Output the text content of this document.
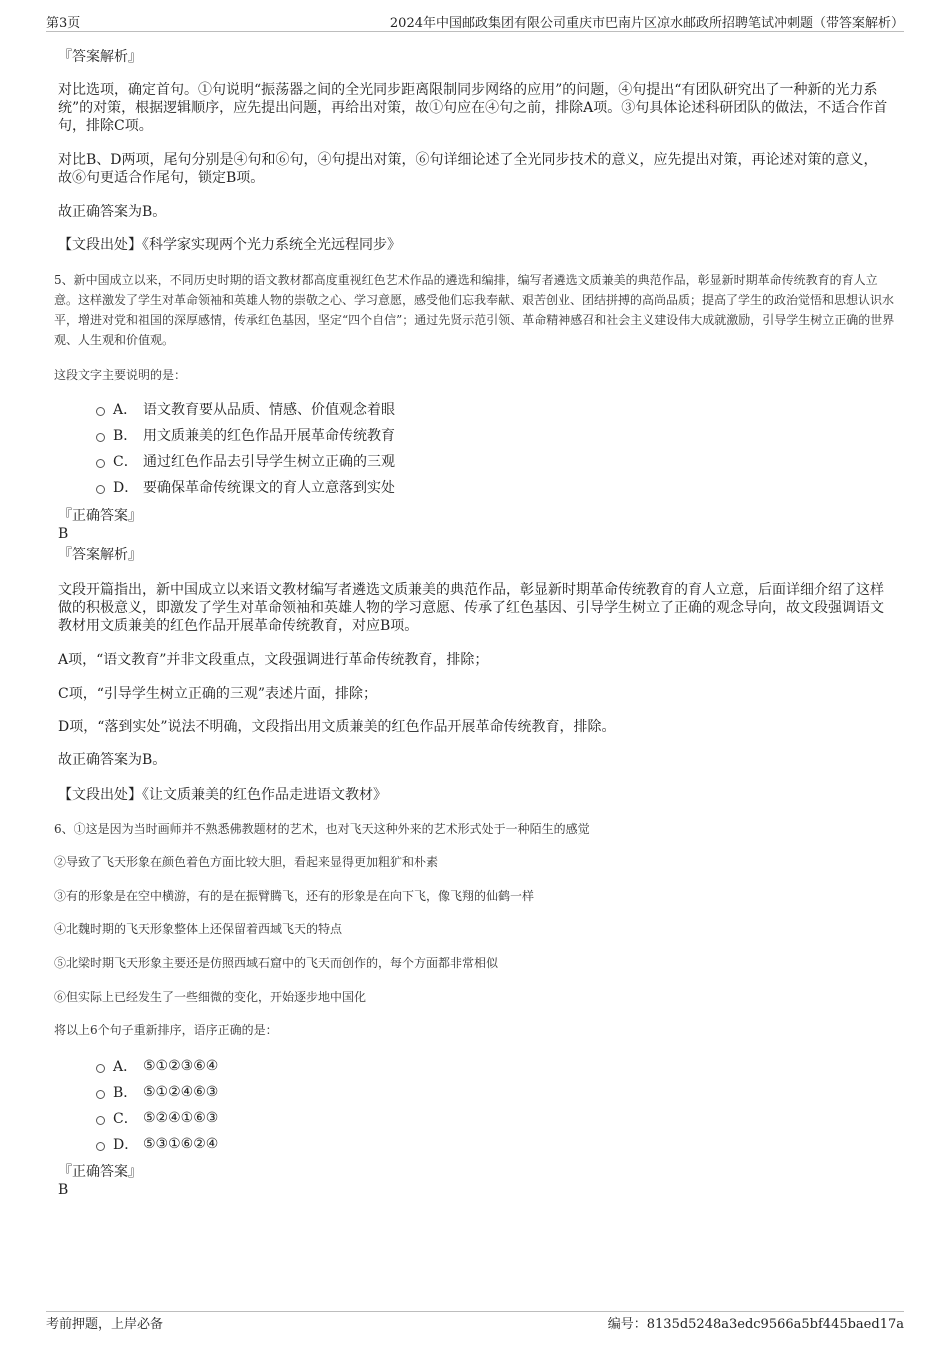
第3页	2024年中国邮政集团有限公司重庆市巴南片区凉水邮政所招聘笔试冲刺题（带答案解析）
『答案解析』
对比选项，确定首句。①句说明“振荡器之间的全光同步距离限制同步网络的应用”的问题，④句提出“有团队研究出了一种新的光力系统”的对策，根据逻辑顺序，应先提出问题，再给出对策，故①句应在④句之前，排除A项。③句具体论述科研团队的做法，不适合作首句，排除C项。
对比B、D两项，尾句分别是④句和⑥句，④句提出对策，⑥句详细论述了全光同步技术的意义，应先提出对策，再论述对策的意义，故⑥句更适合作尾句，锁定B项。
故正确答案为B。
【文段出处】《科学家实现两个光力系统全光远程同步》
5、新中国成立以来，不同历史时期的语文教材都高度重视红色艺术作品的遴选和编排，编写者遴选文质兼美的典范作品，彰显新时期革命传统教育的育人立意。这样激发了学生对革命领袖和英雄人物的崇敬之心、学习意愿，感受他们忘我奉献、艰苦创业、团结拼搏的高尚品质；提高了学生的政治觉悟和思想认识水平，增进对党和祖国的深厚感情，传承红色基因，坚定“四个自信”；通过先贤示范引领、革命精神感召和社会主义建设伟大成就激励，引导学生树立正确的世界观、人生观和价值观。
这段文字主要说明的是：
A． 语文教育要从品质、情感、价值观念着眼
B． 用文质兼美的红色作品开展革命传统教育
C． 通过红色作品去引导学生树立正确的三观
D． 要确保革命传统课文的育人立意落到实处
『正确答案』
B
『答案解析』
文段开篇指出，新中国成立以来语文教材编写者遴选文质兼美的典范作品，彰显新时期革命传统教育的育人立意，后面详细介绍了这样做的积极意义，即激发了学生对革命领袖和英雄人物的学习意愿、传承了红色基因、引导学生树立了正确的观念导向，故文段强调语文教材用文质兼美的红色作品开展革命传统教育，对应B项。
A项，“语文教育”并非文段重点，文段强调进行革命传统教育，排除；
C项，“引导学生树立正确的三观”表述片面，排除；
D项，“落到实处”说法不明确，文段指出用文质兼美的红色作品开展革命传统教育，排除。
故正确答案为B。
【文段出处】《让文质兼美的红色作品走进语文教材》
6、①这是因为当时画师并不熟悉佛教题材的艺术，也对飞天这种外来的艺术形式处于一种陌生的感觉
②导致了飞天形象在颜色着色方面比较大胆，看起来显得更加粗犷和朴素
③有的形象是在空中横游，有的是在振臂腾飞，还有的形象是在向下飞，像飞翔的仙鹤一样
④北魏时期的飞天形象整体上还保留着西域飞天的特点
⑤北梁时期飞天形象主要还是仿照西域石窟中的飞天而创作的，每个方面都非常相似
⑥但实际上已经发生了一些细微的变化，开始逐步地中国化
将以上6个句子重新排序，语序正确的是：
A． ⑤①②③⑥④
B． ⑤①②④⑥③
C． ⑤②④①⑥③
D． ⑤③①⑥②④
『正确答案』
B
考前押题，上岸必备	编号：8135d5248a3edc9566a5bf445baed17a
